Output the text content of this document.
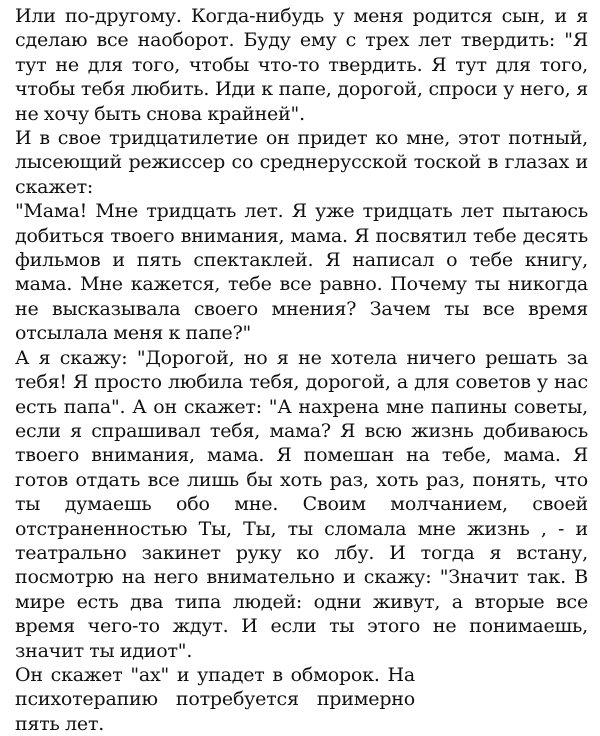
Или по-другому. Когда-нибудь у меня родится сын, и я сделаю все наоборот. Буду ему с трех лет твердить: "Я тут не для того, чтобы что-то твердить. Я тут для того, чтобы тебя любить. Иди к папе, дорогой, спроси у него, я не хочу быть снова крайней".

И в свое тридцатилетие он придет ко мне, этот потный, лысеющий режиссер со среднерусской тоской в глазах и скажет:

"Мама! Мне тридцать лет. Я уже тридцать лет пытаюсь добиться твоего внимания, мама. Я посвятил тебе десять фильмов и пять спектаклей. Я написал о тебе книгу, мама. Мне кажется, тебе все равно. Почему ты никогда не высказывала своего мнения? Зачем ты все время отсылала меня к папе?"

А я скажу: "Дорогой, но я не хотела ничего решать за тебя! Я просто любила тебя, дорогой, а для советов у нас есть папа". А он скажет: "А нахрена мне папины советы, если я спрашивал тебя, мама? Я всю жизнь добиваюсь твоего внимания, мама. Я помешан на тебе, мама. Я готов отдать все лишь бы хоть раз, хоть раз, понять, что ты думаешь обо мне. Своим молчанием, своей отстраненностью Ты, Ты, ты сломала мне жизнь , - и театрально закинет руку ко лбу. И тогда я встану, посмотрю на него внимательно и скажу: "Значит так. В мире есть два типа людей: одни живут, а вторые все время чего-то ждут. И если ты этого не понимаешь, значит ты идиот".

Он скажет "ах" и упадет в обморок. На психотерапию потребуется примерно пять лет.
